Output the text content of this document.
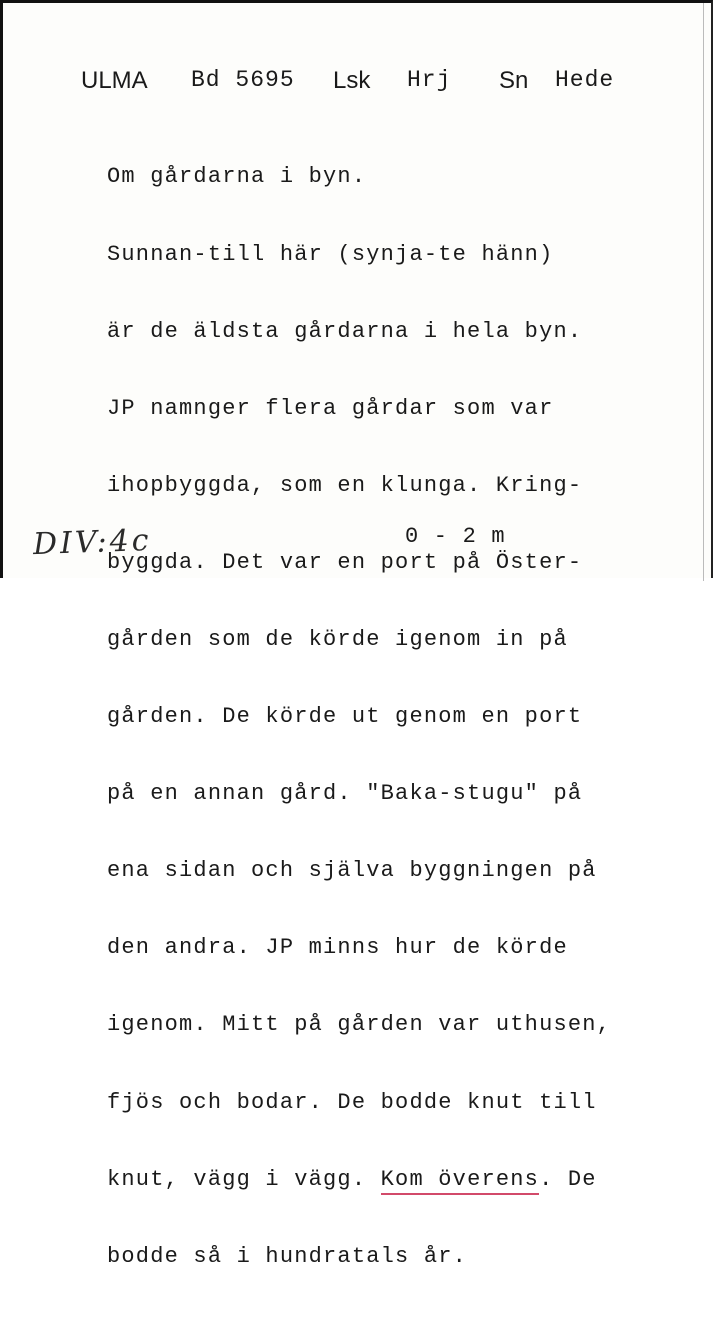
ULMA Bd 5695 Lsk Hrj Sn Hede

Om gårdarna i byn.

Sunnan-till här (synja-te hänn)

är de äldsta gårdarna i hela byn.

JP namnger flera gårdar som var

ihopbyggda, som en klunga. Kring-

byggda. Det var en port på Öster-

gården som de körde igenom in på

gården. De körde ut genom en port

på en annan gård. "Baka-stugu" på

ena sidan och själva byggningen på

den andra. JP minns hur de körde

igenom. Mitt på gården var uthusen,

fjös och bodar. De bodde knut till

knut, vägg i vägg. Kom överens. De

bodde så i hundratals år.

0 - 2 m
DIV:4c
